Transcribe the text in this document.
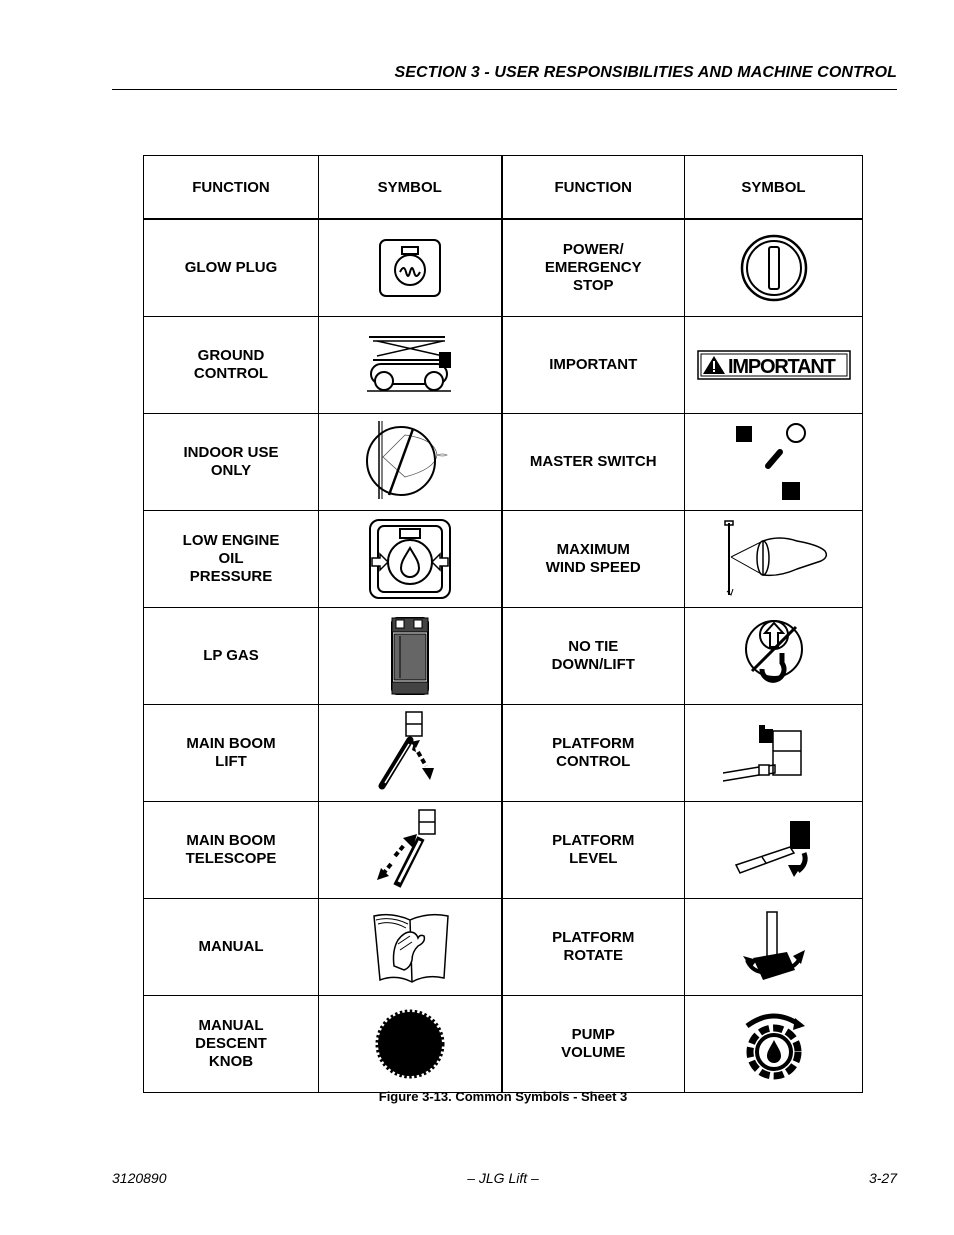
SECTION 3 - USER RESPONSIBILITIES AND MACHINE CONTROL
FUNCTION	SYMBOL	FUNCTION	SYMBOL
GLOW PLUG		POWER/
EMERGENCY
STOP	

GROUND
CONTROL		IMPORTANT	IMPORTANT

INDOOR USE
ONLY		MASTER SWITCH	

LOW ENGINE
OIL
PRESSURE		MAXIMUM
WIND SPEED	

LP GAS		NO TIE
DOWN/LIFT	

MAIN BOOM
LIFT		PLATFORM
CONTROL	

MAIN BOOM
TELESCOPE		PLATFORM
LEVEL	

MANUAL		PLATFORM
ROTATE	

MANUAL
DESCENT
KNOB		PUMP
VOLUME	
Figure 3-13. Common Symbols - Sheet 3
3120890	– JLG Lift –	3-27
